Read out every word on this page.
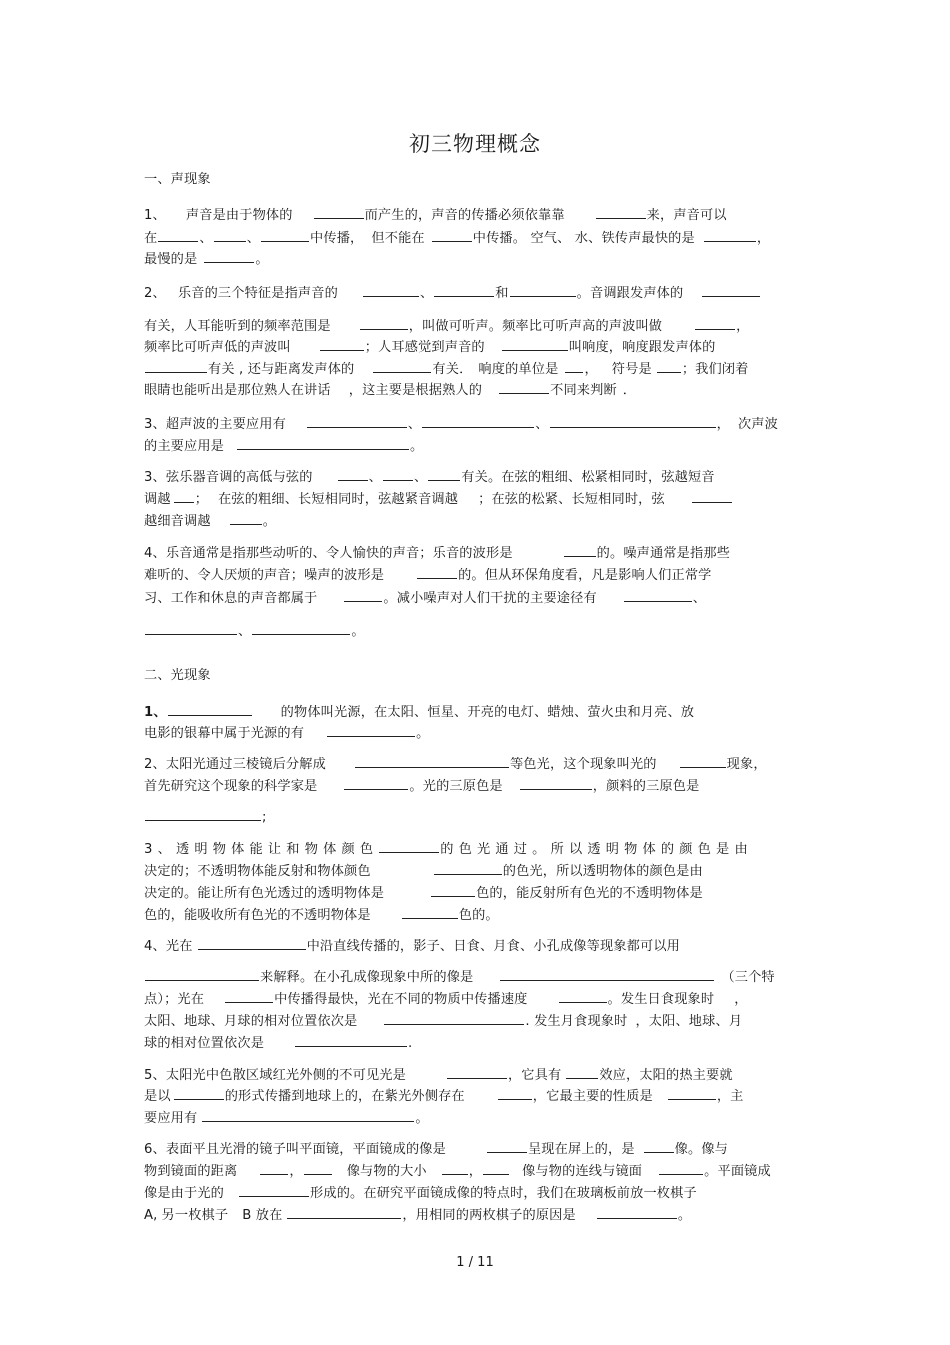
初三物理概念
一、声现象
1、 声音是由于物体的	而产生的，声音的传播必须依靠靠	来，声音可以
在	、	、	中传播， 但不能在	中传播。 空气、 水、铁传声最快的是	，
最慢的是	。
2、 乐音的三个特征是指声音的	、	和	。音调跟发声体的
有关，人耳能听到的频率范围是	，叫做可听声。频率比可听声高的声波叫做	，
频率比可听声低的声波叫	；人耳感觉到声音的	叫响度，响度跟发声体的
有关 , 还与距离发声体的	有关． 响度的单位是 ， 符号是 ；我们闭着
眼睛也能听出是那位熟人在讲话 ，这主要是根据熟人的	不同来判断 ．
3、超声波的主要应用有	、	、	， 次声波
的主要应用是	。
3、弦乐器音调的高低与弦的	、 、	有关。在弦的粗细、松紧相同时，弦越短音
调越 ； 在弦的粗细、长短相同时，弦越紧音调越 ；在弦的松紧、长短相同时，弦
越细音调越	。
4、乐音通常是指那些动听的、令人愉快的声音；乐音的波形是	的。噪声通常是指那些
难听的、令人厌烦的声音；噪声的波形是	的。但从环保角度看，凡是影响人们正常学
习、工作和休息的声音都属于	。减小噪声对人们干扰的主要途径有	、
、	。
二、光现象
1、	的物体叫光源，在太阳、恒星、开亮的电灯、蜡烛、萤火虫和月亮、放
电影的银幕中属于光源的有	。
2、太阳光通过三棱镜后分解成	等色光，这个现象叫光的	现象，
首先研究这个现象的科学家是	。光的三原色是	，颜料的三原色是
;
3、透明物体能让和物体颜色	的色光通过。所以透明物体的颜色是由
决定的；不透明物体能反射和物体颜色	的色光，所以透明物体的颜色是由
决定的。能让所有色光透过的透明物体是	色的，能反射所有色光的不透明物体是
色的，能吸收所有色光的不透明物体是	色的。
4、光在	中沿直线传播的，影子、日食、月食、小孔成像等现象都可以用
来解释。在小孔成像现象中所的像是	（三个特
点）；光在	中传播得最快，光在不同的物质中传播速度	。发生日食现象时 ，
太阳、地球、月球的相对位置依次是	. 发生月食现象时 ，太阳、地球、月
球的相对位置依次是	.
5、太阳光中色散区域红光外侧的不可见光是	，它具有	效应，太阳的热主要就
是以	的形式传播到地球上的，在紫光外侧存在	，它最主要的性质是	，主
要应用有	。
6、表面平且光滑的镜子叫平面镜，平面镜成的像是	呈现在屏上的，是	像。像与
物到镜面的距离	，	像与物的大小	，	像与物的连线与镜面	。平面镜成
像是由于光的	形成的。在研究平面镜成像的特点时，我们在玻璃板前放一枚棋子
A, 另一枚棋子 B 放在	，用相同的两枚棋子的原因是	。
1 / 11
